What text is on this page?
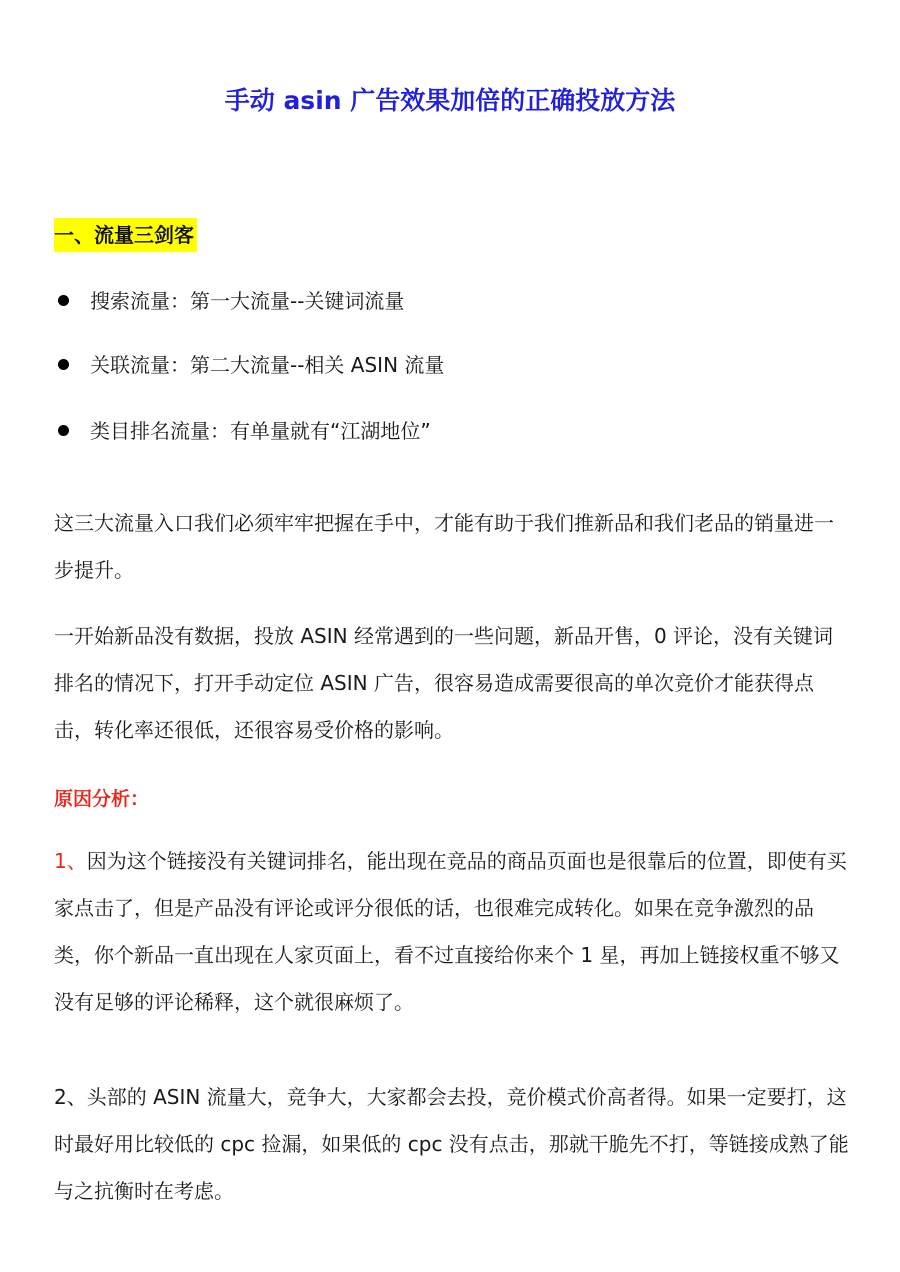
手动 asin 广告效果加倍的正确投放方法
一、流量三剑客
搜索流量：第一大流量--关键词流量
关联流量：第二大流量--相关 ASIN 流量
类目排名流量：有单量就有“江湖地位”

这三大流量入口我们必须牢牢把握在手中，才能有助于我们推新品和我们老品的销量进一步提升。

一开始新品没有数据，投放 ASIN 经常遇到的一些问题，新品开售，0 评论，没有关键词排名的情况下，打开手动定位 ASIN 广告，很容易造成需要很高的单次竞价才能获得点击，转化率还很低，还很容易受价格的影响。

原因分析：

1、因为这个链接没有关键词排名，能出现在竞品的商品页面也是很靠后的位置，即使有买家点击了，但是产品没有评论或评分很低的话，也很难完成转化。如果在竞争激烈的品类，你个新品一直出现在人家页面上，看不过直接给你来个 1 星，再加上链接权重不够又没有足够的评论稀释，这个就很麻烦了。

2、头部的 ASIN 流量大，竞争大，大家都会去投，竞价模式价高者得。如果一定要打，这时最好用比较低的 cpc 捡漏，如果低的 cpc 没有点击，那就干脆先不打，等链接成熟了能与之抗衡时在考虑。
